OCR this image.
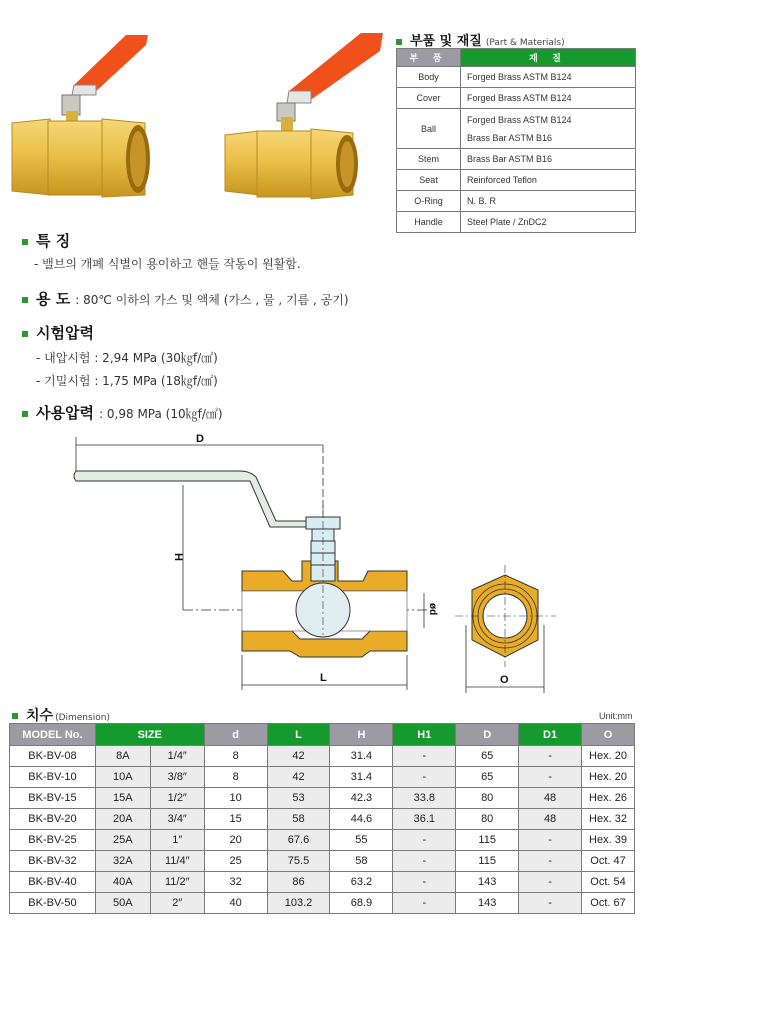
부품 및 재질 (Part & Materials)
부 품	재 질
Body	Forged Brass ASTM B124
Cover	Forged Brass ASTM B124
Ball	Forged Brass ASTM B124
Brass Bar ASTM B16

Stem	Brass Bar ASTM B16
Seat	Reinforced Teflon
O-Ring	N. B. R
Handle	Steel Plate / ZnDC2
특 징
- 밸브의 개폐 식별이 용이하고 핸들 작동이 원활함.
용 도 : 80℃ 이하의 가스 및 액체 (가스 , 물 , 기름 , 공기)
시험압력
- 내압시험 : 2,94 MPa (30㎏f/㎠)
- 기밀시험 : 1,75 MPa (18㎏f/㎠)
사용압력 : 0,98 MPa (10㎏f/㎠)
D
H
ød
L	O
치수 (Dimension)	Unit:mm
MODEL No.	SIZE		d	L	H	H1	D	D1	O
BK-BV-08	8A	1/4″	8	42	31.4	-	65	-	Hex. 20
BK-BV-10	10A	3/8″	8	42	31.4	-	65	-	Hex. 20
BK-BV-15	15A	1/2″	10	53	42.3	33.8	80	48	Hex. 26
BK-BV-20	20A	3/4″	15	58	44.6	36.1	80	48	Hex. 32
BK-BV-25	25A	1″	20	67.6	55	-	115	-	Hex. 39
BK-BV-32	32A	11/4″	25	75.5	58	-	115	-	Oct. 47
BK-BV-40	40A	11/2″	32	86	63.2	-	143	-	Oct. 54
BK-BV-50	50A	2″	40	103.2	68.9	-	143	-	Oct. 67
